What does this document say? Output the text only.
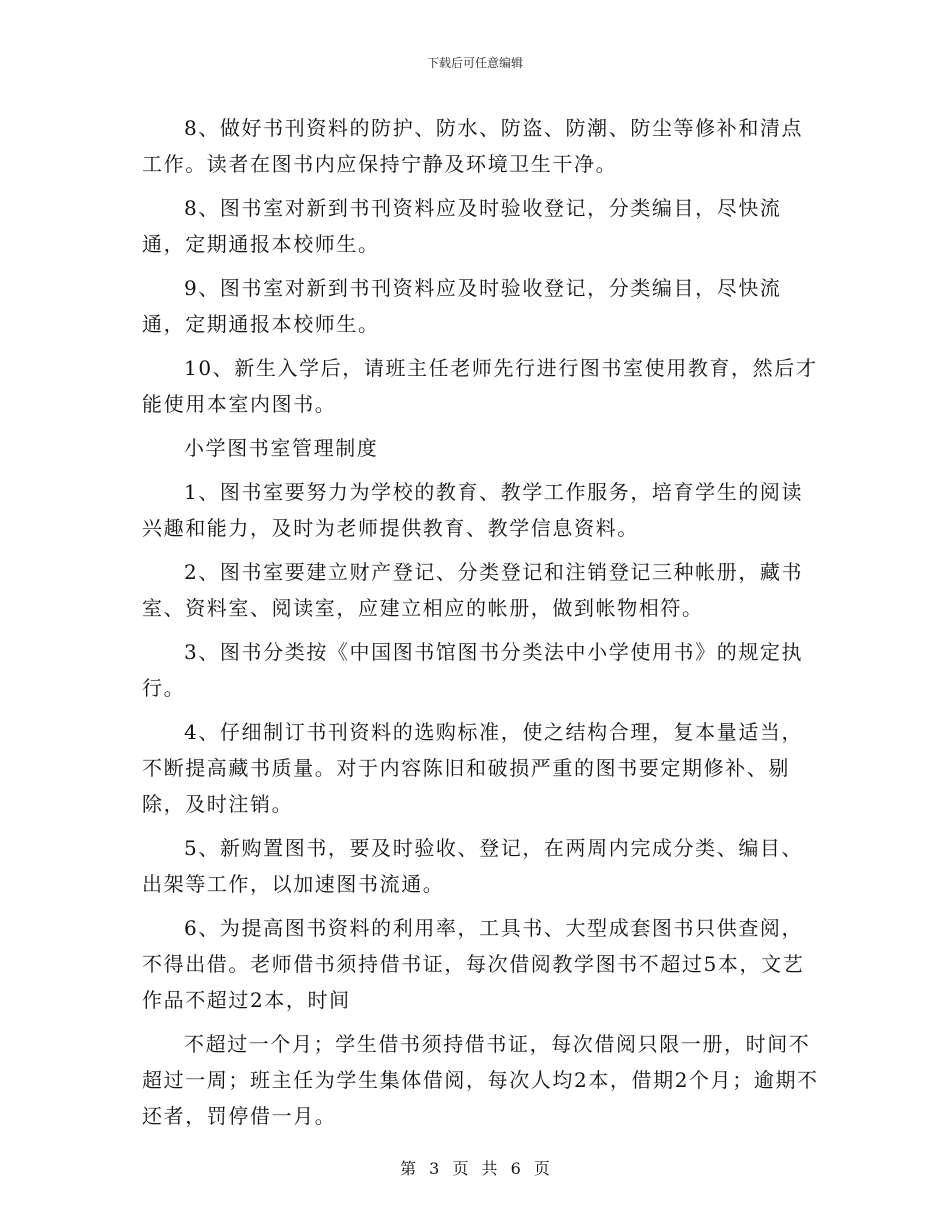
下载后可任意编辑

8、做好书刊资料的防护、防水、防盗、防潮、防尘等修补和清点工作。读者在图书内应保持宁静及环境卫生干净。

8、图书室对新到书刊资料应及时验收登记，分类编目，尽快流通，定期通报本校师生。

9、图书室对新到书刊资料应及时验收登记，分类编目，尽快流通，定期通报本校师生。

10、新生入学后，请班主任老师先行进行图书室使用教育，然后才能使用本室内图书。

小学图书室管理制度

1、图书室要努力为学校的教育、教学工作服务，培育学生的阅读兴趣和能力，及时为老师提供教育、教学信息资料。

2、图书室要建立财产登记、分类登记和注销登记三种帐册，藏书室、资料室、阅读室，应建立相应的帐册，做到帐物相符。

3、图书分类按《中国图书馆图书分类法中小学使用书》的规定执行。

4、仔细制订书刊资料的选购标准，使之结构合理，复本量适当，不断提高藏书质量。对于内容陈旧和破损严重的图书要定期修补、剔除，及时注销。

5、新购置图书，要及时验收、登记，在两周内完成分类、编目、出架等工作，以加速图书流通。

6、为提高图书资料的利用率，工具书、大型成套图书只供查阅，不得出借。老师借书须持借书证，每次借阅教学图书不超过5本，文艺作品不超过2本，时间

不超过一个月；学生借书须持借书证，每次借阅只限一册，时间不超过一周；班主任为学生集体借阅，每次人均2本，借期2个月；逾期不还者，罚停借一月。

第 3 页 共 6 页
